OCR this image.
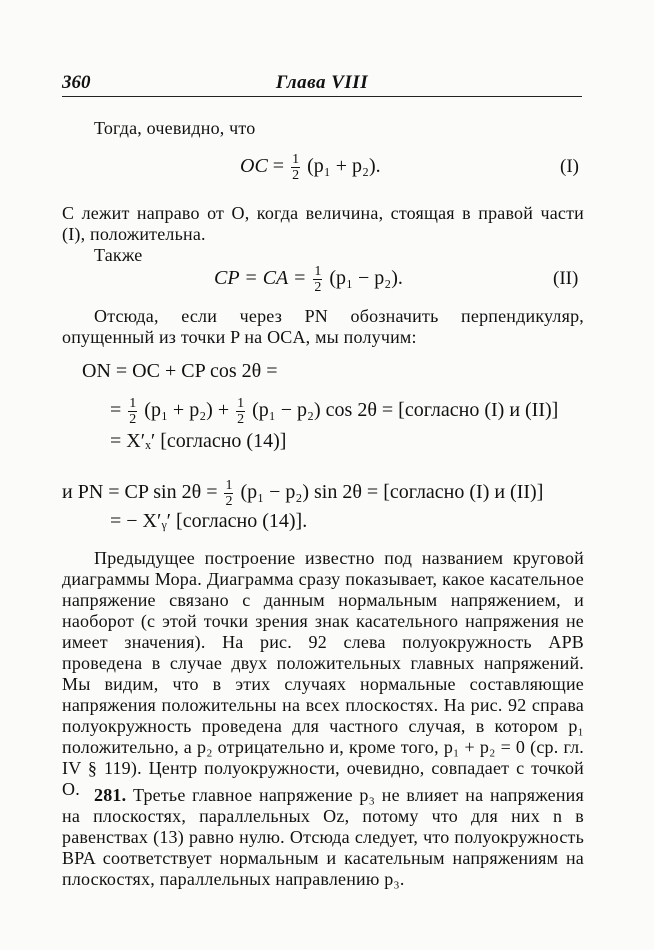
360	Глава VIII

Тогда, очевидно, что

OC = $\frac{1}{2} (p_1 + p_2)$.	(I)

C лежит направо от O, когда величина, стоящая в правой части (I), положительна.

Также

CP = CA = $\frac{1}{2} (p_1 - p_2)$.	(II)

Отсюда, если через PN обозначить перпендикуляр, опущенный из точки P на OCA, мы получим:

ON = OC + CP cos 2θ =
= $\frac{1}{2} (p_1 + p_2) + \frac{1}{2} (p_1 - p_2)$ cos 2θ = [согласно (I) и (II)]
= X′ₓ′ [согласно (14)]
и PN = CP $\sin 2\theta = \frac{1}{2} (p_1 - p_2)$ sin 2θ = [согласно (I) и (II)]
= − X′ᵧ′ [согласно (14)].

Предыдущее построение известно под названием круговой диаграммы Мора. Диаграмма сразу показывает, какое касательное напряжение связано с данным нормальным напряжением, и наоборот (с этой точки зрения знак касательного напряжения не имеет значения). На рис. 92 слева полуокружность APB проведена в случае двух положительных главных напряжений. Мы видим, что в этих случаях нормальные составляющие напряжения положительны на всех плоскостях. На рис. 92 справа полуокружность проведена для частного случая, в котором p₁ положительно, а p₂ отрицательно и, кроме того, p₁ + p₂ = 0 (ср. гл. IV § 119). Центр полуокружности, очевидно, совпадает с точкой O. 281. Третье главное напряжение p₃ не влияет на напряжения на плоскостях, параллельных Oz, потому что для них n в равенствах (13) равно нулю. Отсюда следует, что полуокружность BPA соответствует нормальным и касательным напряжениям на плоскостях, параллельных направлению p₃.
